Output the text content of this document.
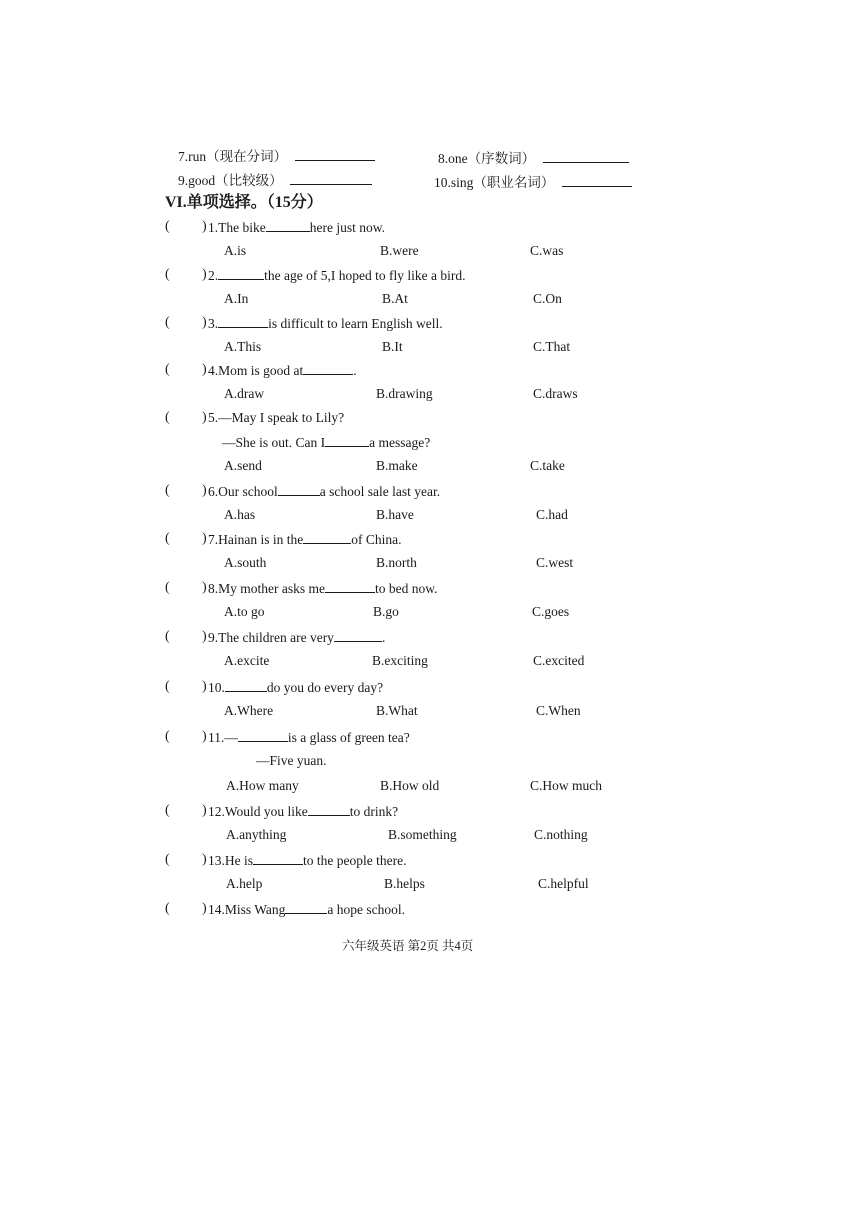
7.run（现在分词）	8.one（序数词）
9.good（比较级）	10.sing（职业名词）
VI.单项选择。（15分）
( ) 1.The bike	here just now.
A.is	B.were	C.was
( ) 2.	the age of 5,I hoped to fly like a bird.
A.In	B.At	C.On
( ) 3.	is difficult to learn English well.
A.This	B.It	C.That
( ) 4.Mom is good at	.
A.draw	B.drawing	C.draws
( ) 5.—May I speak to Lily?
—She is out. Can I	a message?
A.send	B.make	C.take
( ) 6.Our school	a school sale last year.
A.has	B.have	C.had
( ) 7.Hainan is in the	of China.
A.south	B.north	C.west
( ) 8.My mother asks me	to bed now.
A.to go	B.go	C.goes
( ) 9.The children are very	.
A.excite	B.exciting	C.excited
( ) 10.	do you do every day?
A.Where	B.What	C.When
( ) 11.—	is a glass of green tea?
—Five yuan.
A.How many	B.How old	C.How much
( ) 12.Would you like	to drink?
A.anything	B.something	C.nothing
( ) 13.He is	to the people there.
A.help	B.helps	C.helpful
( ) 14.Miss Wang	a hope school.
六年级英语 第2页 共4页
